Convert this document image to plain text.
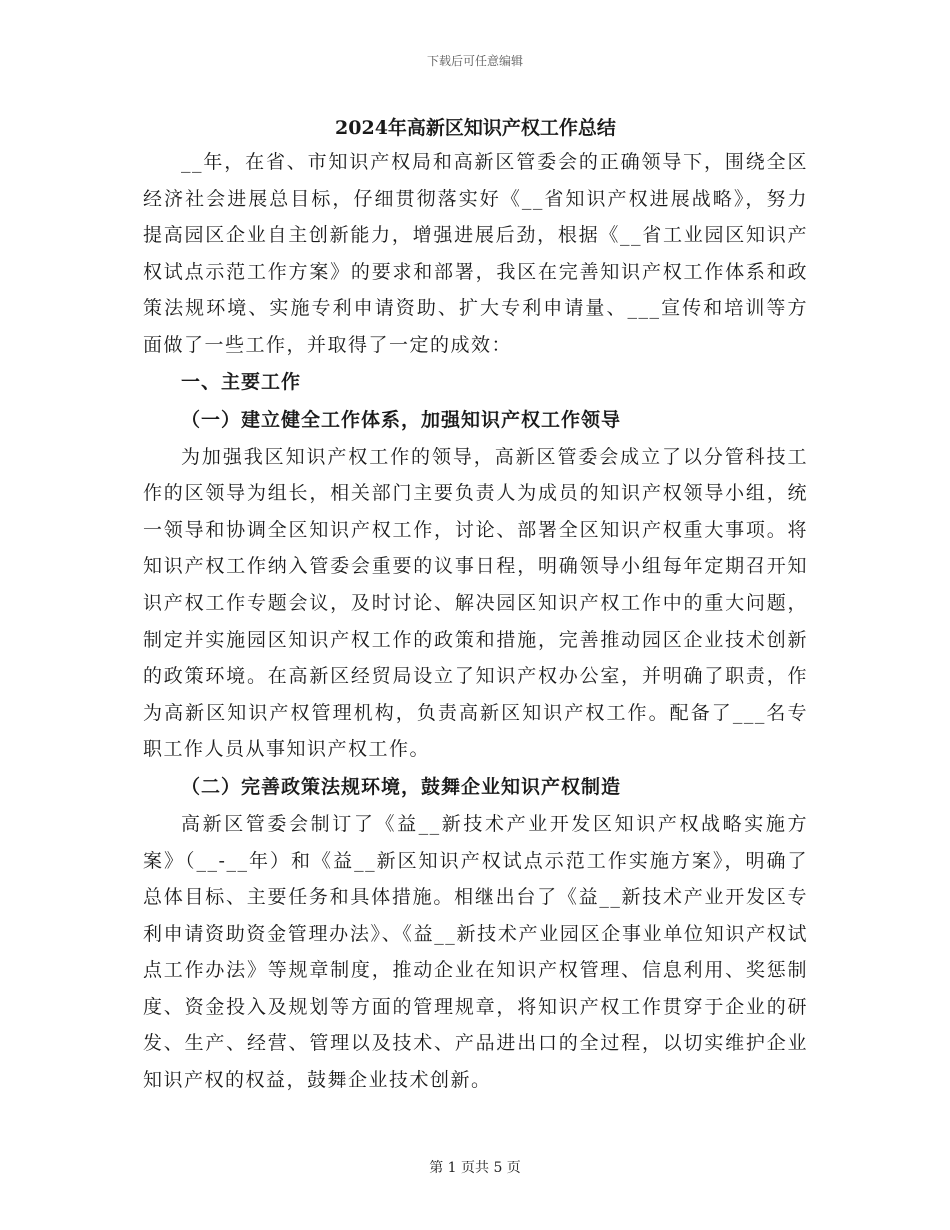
下载后可任意编辑
2024年高新区知识产权工作总结

__年，在省、市知识产权局和高新区管委会的正确领导下，围绕全区经济社会进展总目标，仔细贯彻落实好《__省知识产权进展战略》，努力提高园区企业自主创新能力，增强进展后劲，根据《__省工业园区知识产权试点示范工作方案》的要求和部署，我区在完善知识产权工作体系和政策法规环境、实施专利申请资助、扩大专利申请量、___宣传和培训等方面做了一些工作，并取得了一定的成效：

一、主要工作
（一）建立健全工作体系，加强知识产权工作领导

为加强我区知识产权工作的领导，高新区管委会成立了以分管科技工作的区领导为组长，相关部门主要负责人为成员的知识产权领导小组，统一领导和协调全区知识产权工作，讨论、部署全区知识产权重大事项。将知识产权工作纳入管委会重要的议事日程，明确领导小组每年定期召开知识产权工作专题会议，及时讨论、解决园区知识产权工作中的重大问题，制定并实施园区知识产权工作的政策和措施，完善推动园区企业技术创新的政策环境。在高新区经贸局设立了知识产权办公室，并明确了职责，作为高新区知识产权管理机构，负责高新区知识产权工作。配备了___名专职工作人员从事知识产权工作。

（二）完善政策法规环境，鼓舞企业知识产权制造

高新区管委会制订了《益__新技术产业开发区知识产权战略实施方案》（__-__年）和《益__新区知识产权试点示范工作实施方案》，明确了总体目标、主要任务和具体措施。相继出台了《益__新技术产业开发区专利申请资助资金管理办法》、《益__新技术产业园区企事业单位知识产权试点工作办法》等规章制度，推动企业在知识产权管理、信息利用、奖惩制度、资金投入及规划等方面的管理规章，将知识产权工作贯穿于企业的研发、生产、经营、管理以及技术、产品进出口的全过程，以切实维护企业知识产权的权益，鼓舞企业技术创新。

第 1 页共 5 页
